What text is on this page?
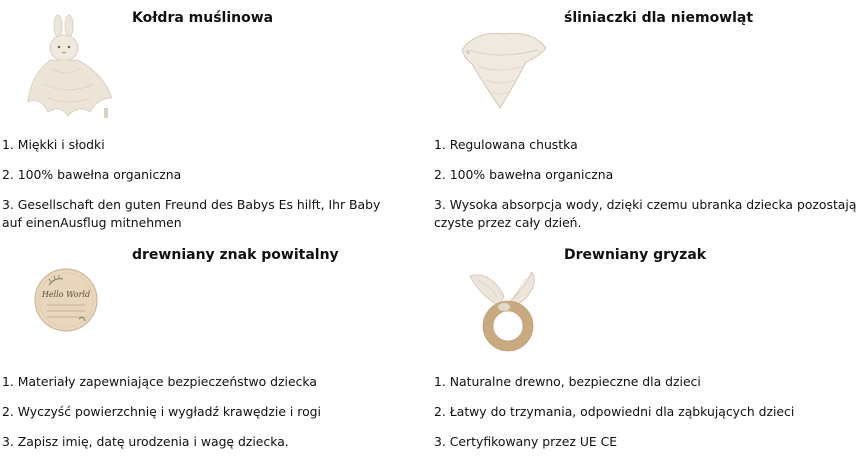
Kołdra muślinowa
1. Miękki i słodki
2. 100% bawełna organiczna
3. Gesellschaft den guten Freund des Babys Es hilft, Ihr Baby auf einenAusflug mitnehmen
śliniaczki dla niemowląt
1. Regulowana chustka
2. 100% bawełna organiczna
3. Wysoka absorpcja wody, dzięki czemu ubranka dziecka pozostają czyste przez cały dzień.
drewniany znak powitalny
Hello World
1. Materiały zapewniające bezpieczeństwo dziecka
2. Wyczyść powierzchnię i wygładź krawędzie i rogi
3. Zapisz imię, datę urodzenia i wagę dziecka.
Drewniany gryzak
1. Naturalne drewno, bezpieczne dla dzieci
2. Łatwy do trzymania, odpowiedni dla ząbkujących dzieci
3. Certyfikowany przez UE CE
